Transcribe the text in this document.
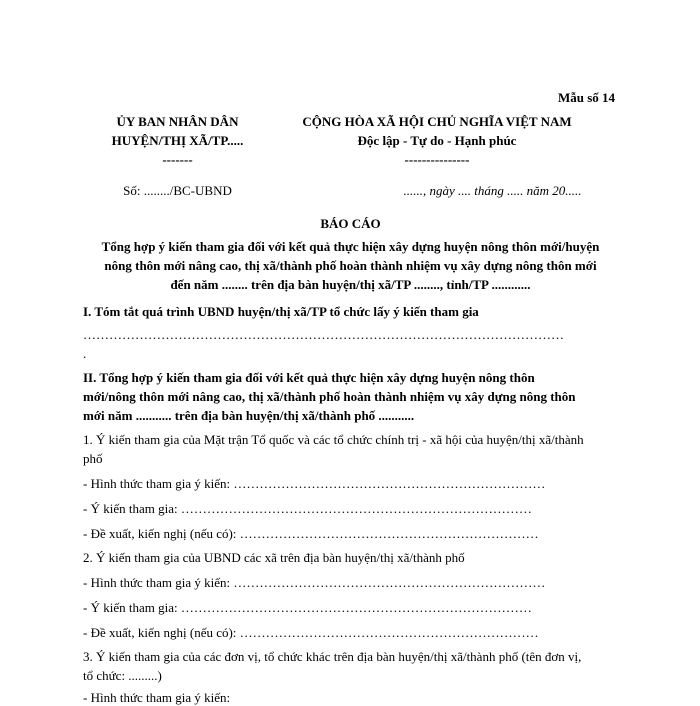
Mẫu số 14
ỦY BAN NHÂN DÂN
HUYỆN/THỊ XÃ/TP.....
-------
Số: ......../BC-UBND
CỘNG HÒA XÃ HỘI CHỦ NGHĨA VIỆT NAM
Độc lập - Tự do - Hạnh phúc
---------------
......, ngày .... tháng ..... năm 20.....
BÁO CÁO
Tổng hợp ý kiến tham gia đối với kết quả thực hiện xây dựng huyện nông thôn mới/huyện
nông thôn mới nâng cao, thị xã/thành phố hoàn thành nhiệm vụ xây dựng nông thôn mới
đến năm ........ trên địa bàn huyện/thị xã/TP ........, tỉnh/TP ............
I. Tóm tắt quá trình UBND huyện/thị xã/TP tổ chức lấy ý kiến tham gia
…………………………………………………………………………………………………
.
II. Tổng hợp ý kiến tham gia đối với kết quả thực hiện xây dựng huyện nông thôn
mới/nông thôn mới nâng cao, thị xã/thành phố hoàn thành nhiệm vụ xây dựng nông thôn
mới năm ........... trên địa bàn huyện/thị xã/thành phố ...........
1. Ý kiến tham gia của Mặt trận Tổ quốc và các tổ chức chính trị - xã hội của huyện/thị xã/thành
phố
- Hình thức tham gia ý kiến: ………………………………………………………………
- Ý kiến tham gia: ………………………………………………………………………
- Đề xuất, kiến nghị (nếu có): ……………………………………………………………
2. Ý kiến tham gia của UBND các xã trên địa bàn huyện/thị xã/thành phố
- Hình thức tham gia ý kiến: ………………………………………………………………
- Ý kiến tham gia: ………………………………………………………………………
- Đề xuất, kiến nghị (nếu có): ……………………………………………………………
3. Ý kiến tham gia của các đơn vị, tổ chức khác trên địa bàn huyện/thị xã/thành phố (tên đơn vị,
tổ chức: .........)
- Hình thức tham gia ý kiến:
